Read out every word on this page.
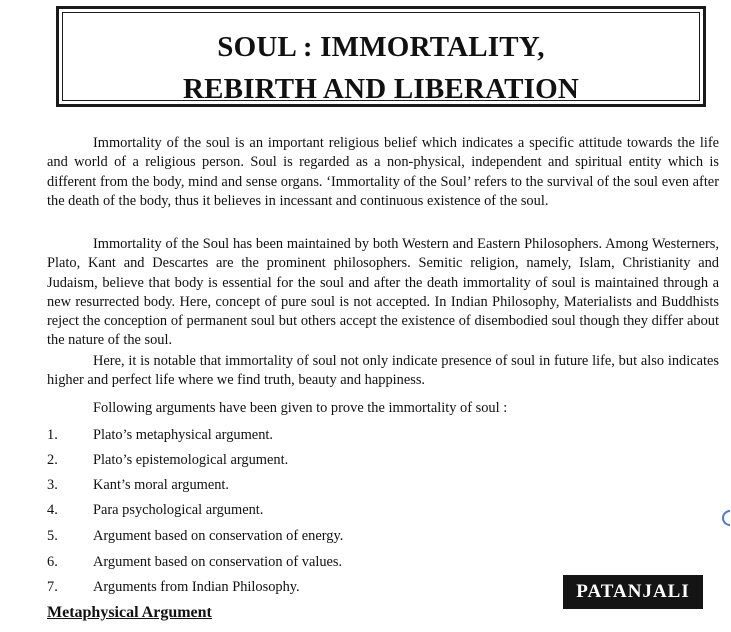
SOUL : IMMORTALITY,
REBIRTH AND LIBERATION

Immortality of the soul is an important religious belief which indicates a specific attitude towards the life and world of a religious person. Soul is regarded as a non-physical, independent and spiritual entity which is different from the body, mind and sense organs. ‘Immortality of the Soul’ refers to the survival of the soul even after the death of the body, thus it believes in incessant and continuous existence of the soul.

Immortality of the Soul has been maintained by both Western and Eastern Philosophers. Among Westerners, Plato, Kant and Descartes are the prominent philosophers. Semitic religion, namely, Islam, Christianity and Judaism, believe that body is essential for the soul and after the death immortality of soul is maintained through a new resurrected body. Here, concept of pure soul is not accepted. In Indian Philosophy, Materialists and Buddhists reject the conception of permanent soul but others accept the existence of disembodied soul though they differ about the nature of the soul.

Here, it is notable that immortality of soul not only indicate presence of soul in future life, but also indicates higher and perfect life where we find truth, beauty and happiness.

Following arguments have been given to prove the immortality of soul :

1.	Plato’s metaphysical argument.
2.	Plato’s epistemological argument.
3.	Kant’s moral argument.
4.	Para psychological argument.
5.	Argument based on conservation of energy.
6.	Argument based on conservation of values.
7.	Arguments from Indian Philosophy.	PATANJALI
Metaphysical Argument
